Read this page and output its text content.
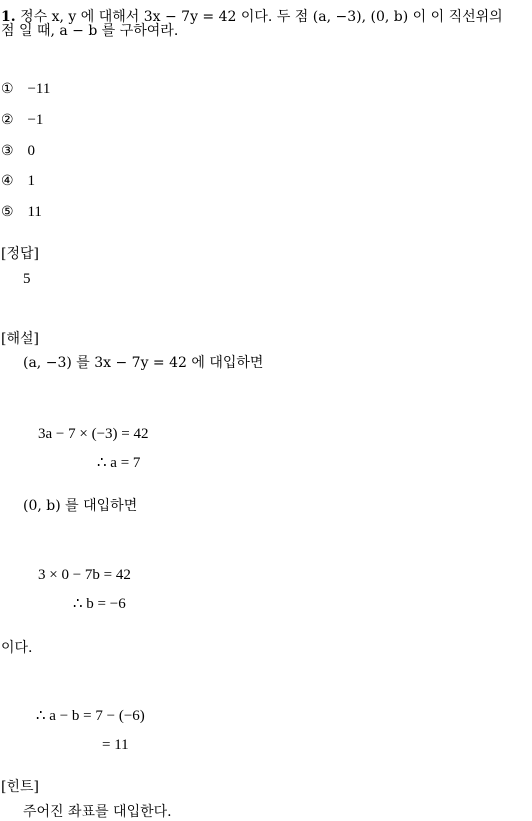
1. 정수 x, y 에 대해서 3x − 7y = 42 이다. 두 점 (a, −3), (0, b) 이 이 직선위의
점 일 때, a − b 를 구하여라.
① −11
② −1
③ 0
④ 1
⑤ 11
[정답]
5
[해설]
(a, −3) 를 3x − 7y = 42 에 대입하면
3a − 7 × (−3) = 42
∴ a = 7
(0, b) 를 대입하면
3 × 0 − 7b = 42
∴ b = −6
이다.
∴ a − b = 7 − (−6)
= 11
[힌트]
주어진 좌표를 대입한다.
